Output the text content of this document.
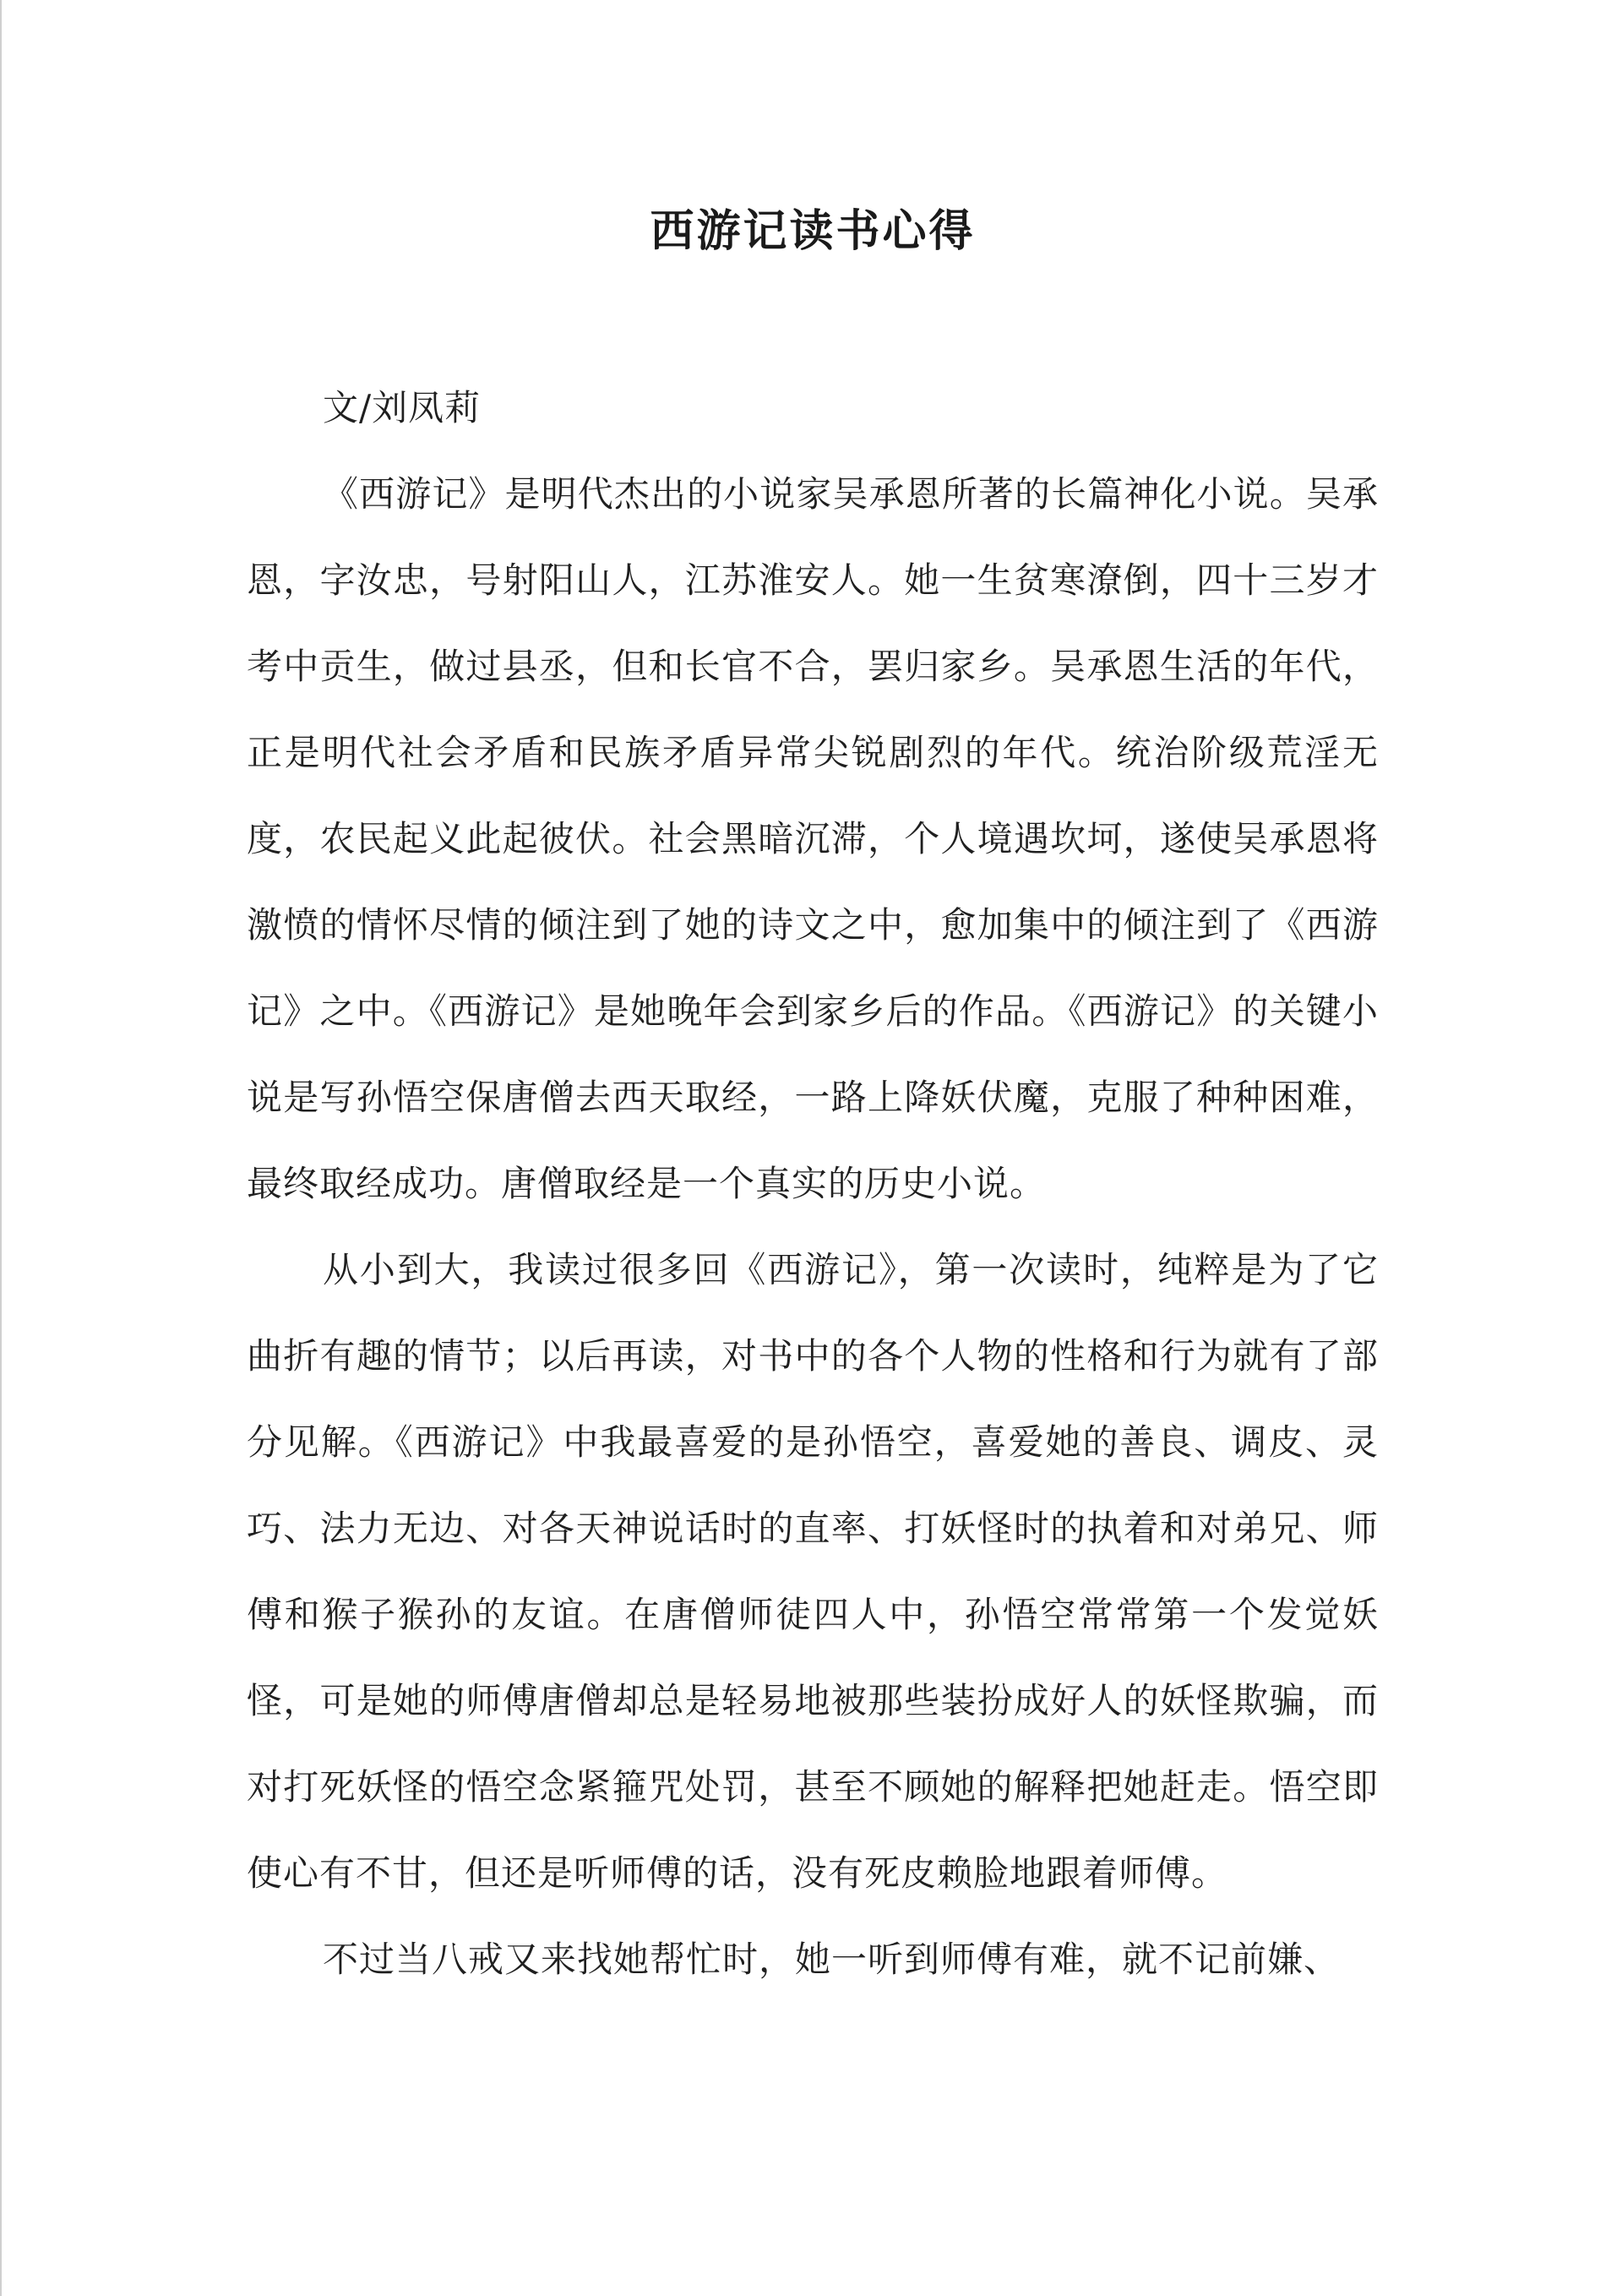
西游记读书心得

文/刘凤莉

《西游记》是明代杰出的小说家吴承恩所著的长篇神化小说。吴承恩，字汝忠，号射阳山人，江苏淮安人。她一生贫寒潦倒，四十三岁才考中贡生，做过县丞，但和长官不合，罢归家乡。吴承恩生活的年代，正是明代社会矛盾和民族矛盾异常尖锐剧烈的年代。统治阶级荒淫无度，农民起义此起彼伏。社会黑暗沉滞，个人境遇坎坷，遂使吴承恩将激愤的情怀尽情的倾注到了她的诗文之中，愈加集中的倾注到了《西游记》之中。《西游记》是她晚年会到家乡后的作品。《西游记》的关键小说是写孙悟空保唐僧去西天取经，一路上降妖伏魔，克服了种种困难，最终取经成功。唐僧取经是一个真实的历史小说。

从小到大，我读过很多回《西游记》，第一次读时，纯粹是为了它曲折有趣的情节；以后再读，对书中的各个人物的性格和行为就有了部分见解。《西游记》中我最喜爱的是孙悟空，喜爱她的善良、调皮、灵巧、法力无边、对各天神说话时的直率、打妖怪时的执着和对弟兄、师傅和猴子猴孙的友谊。在唐僧师徒四人中，孙悟空常常第一个发觉妖怪，可是她的师傅唐僧却总是轻易地被那些装扮成好人的妖怪欺骗，而对打死妖怪的悟空念紧箍咒处罚，甚至不顾她的解释把她赶走。悟空即使心有不甘，但还是听师傅的话，没有死皮赖脸地跟着师傅。

不过当八戒又来找她帮忙时，她一听到师傅有难，就不记前嫌、
